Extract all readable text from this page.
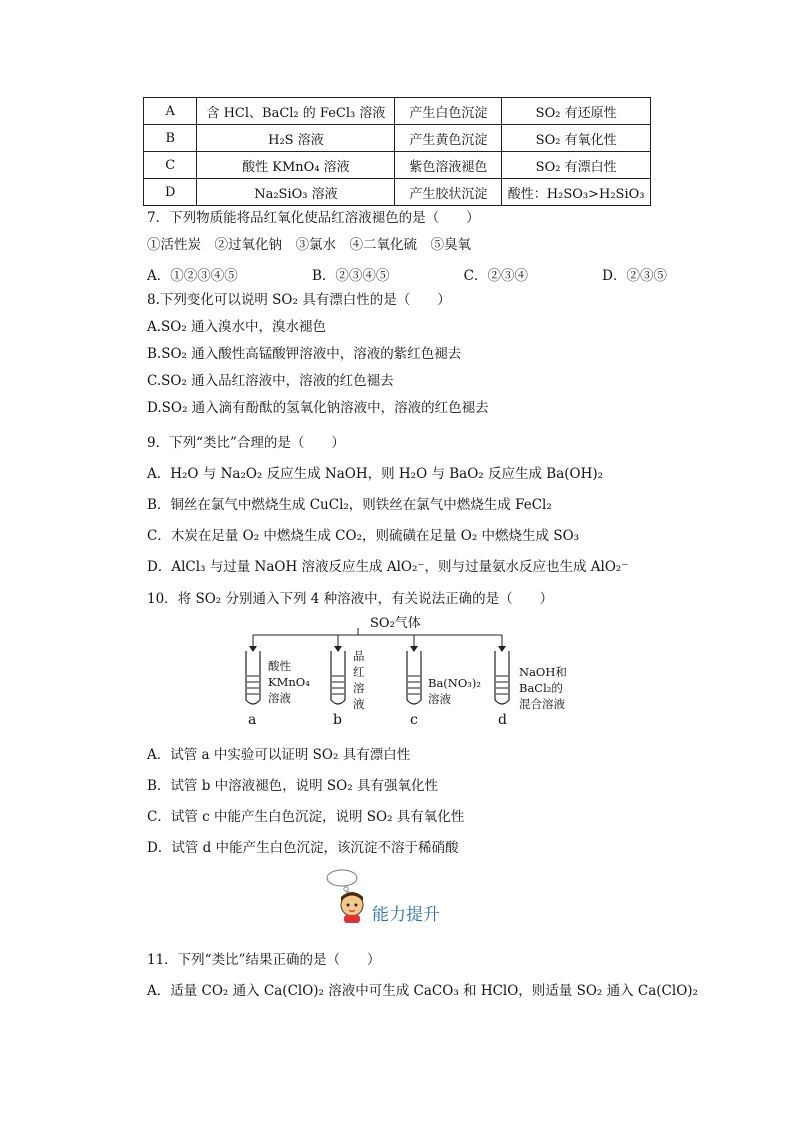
A	含 HCl、BaCl₂ 的 FeCl₃ 溶液	产生白色沉淀	SO₂ 有还原性
B	H₂S 溶液	产生黄色沉淀	SO₂ 有氧化性
C	酸性 KMnO₄ 溶液	紫色溶液褪色	SO₂ 有漂白性
D	Na₂SiO₃ 溶液	产生胶状沉淀	酸性：H₂SO₃>H₂SiO₃
7．下列物质能将品红氧化使品红溶液褪色的是（　　）
①活性炭　②过氧化钠　③氯水　④二氧化硫　⑤臭氧
A．①②③④⑤	B．②③④⑤	C．②③④	D．②③⑤
8.下列变化可以说明 SO₂ 具有漂白性的是（　　）
A.SO₂ 通入溴水中，溴水褪色
B.SO₂ 通入酸性高锰酸钾溶液中，溶液的紫红色褪去
C.SO₂ 通入品红溶液中，溶液的红色褪去
D.SO₂ 通入滴有酚酞的氢氧化钠溶液中，溶液的红色褪去
9．下列“类比”合理的是（　　）
A．H₂O 与 Na₂O₂ 反应生成 NaOH，则 H₂O 与 BaO₂ 反应生成 Ba(OH)₂
B．铜丝在氯气中燃烧生成 CuCl₂，则铁丝在氯气中燃烧生成 FeCl₂
C．木炭在足量 O₂ 中燃烧生成 CO₂，则硫磺在足量 O₂ 中燃烧生成 SO₃
D．AlCl₃ 与过量 NaOH 溶液反应生成 AlO₂⁻，则与过量氨水反应也生成 AlO₂⁻
10．将 SO₂ 分别通入下列 4 种溶液中，有关说法正确的是（　　）
SO₂气体
酸性
KMnO₄
溶液
品
红
溶
液
Ba(NO₃)₂
溶液
NaOH和
BaCl₂的
混合溶液
a	b	c	d
A．试管 a 中实验可以证明 SO₂ 具有漂白性
B．试管 b 中溶液褪色，说明 SO₂ 具有强氧化性
C．试管 c 中能产生白色沉淀，说明 SO₂ 具有氧化性
D．试管 d 中能产生白色沉淀，该沉淀不溶于稀硝酸
能力提升
11．下列“类比”结果正确的是（　　）
A．适量 CO₂ 通入 Ca(ClO)₂ 溶液中可生成 CaCO₃ 和 HClO，则适量 SO₂ 通入 Ca(ClO)₂
